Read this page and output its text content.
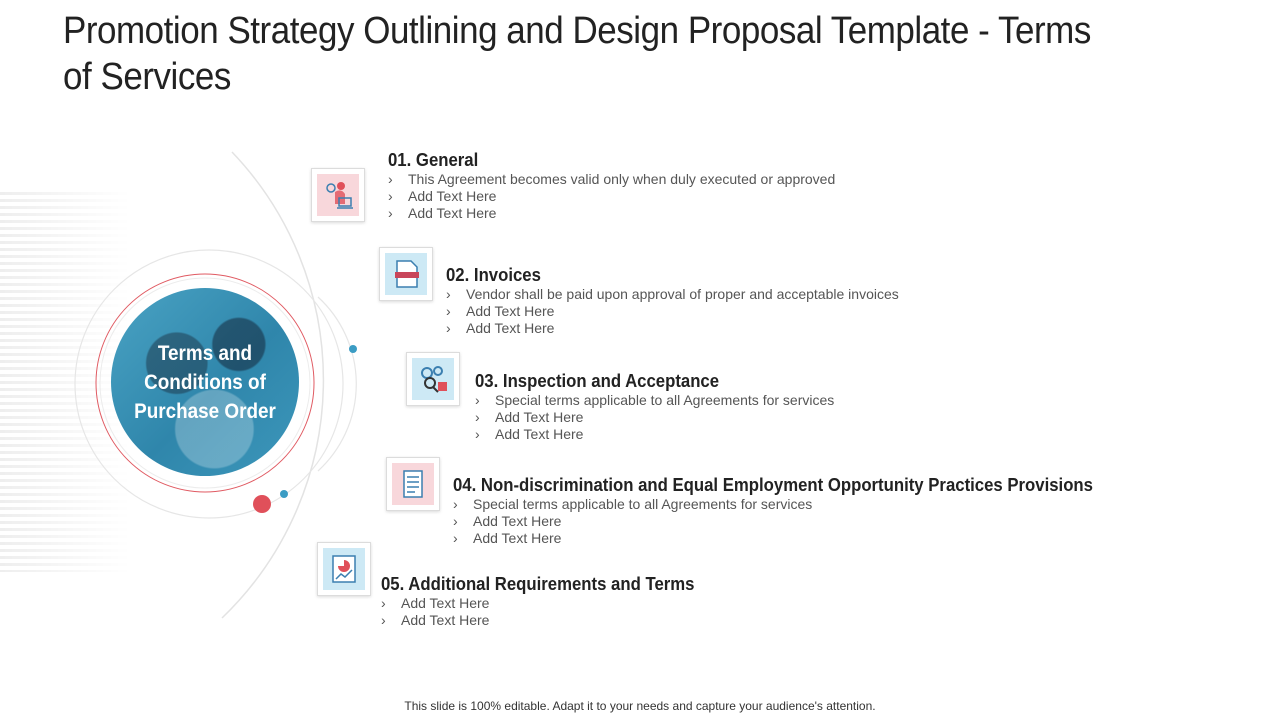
Promotion Strategy Outlining and Design Proposal Template - Terms of Services
Terms and Conditions of Purchase Order
01. General
› This Agreement becomes valid only when duly executed or approved
› Add Text Here
› Add Text Here
02. Invoices
› Vendor shall be paid upon approval of proper and acceptable invoices
› Add Text Here
› Add Text Here
03. Inspection and Acceptance
› Special terms applicable to all Agreements for services
› Add Text Here
› Add Text Here
04. Non-discrimination and Equal Employment Opportunity Practices Provisions
› Special terms applicable to all Agreements for services
› Add Text Here
› Add Text Here
05. Additional Requirements and Terms
› Add Text Here
› Add Text Here
This slide is 100% editable. Adapt it to your needs and capture your audience's attention.
